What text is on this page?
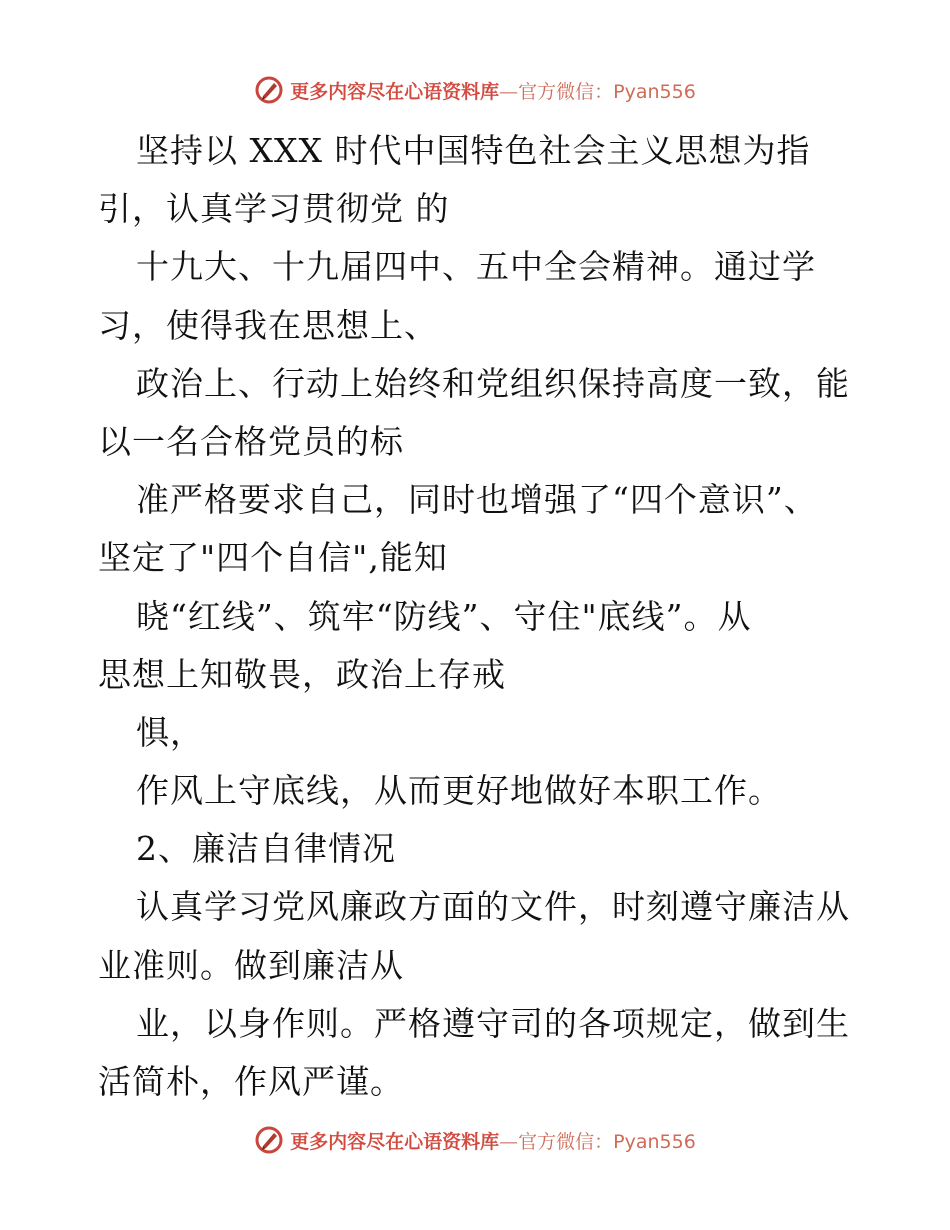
更多内容尽在心语资料库—官方微信：Pyan556
坚持以 XXX 时代中国特色社会主义思想为指
引，认真学习贯彻党 的
十九大、十九届四中、五中全会精神。通过学
习，使得我在思想上、
政治上、行动上始终和党组织保持高度一致，能
以一名合格党员的标
准严格要求自己，同时也增强了“四个意识”、
坚定了"四个自信",能知
晓“红线”、筑牢“防线”、守住"底线”。从
思想上知敬畏，政治上存戒
惧，
作风上守底线，从而更好地做好本职工作。
2、廉洁自律情况
认真学习党风廉政方面的文件，时刻遵守廉洁从
业准则。做到廉洁从
业，以身作则。严格遵守司的各项规定，做到生
活简朴，作风严谨。
更多内容尽在心语资料库—官方微信：Pyan556
